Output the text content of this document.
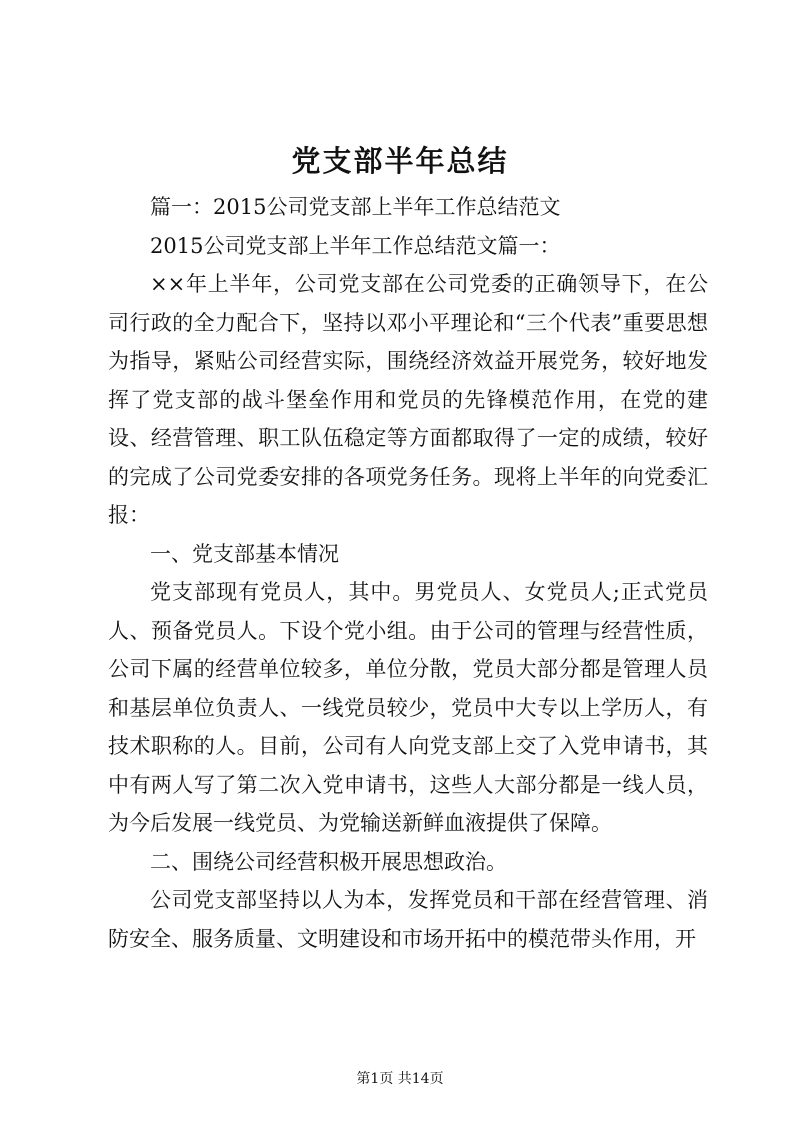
党支部半年总结

篇一：2015公司党支部上半年工作总结范文

2015公司党支部上半年工作总结范文篇一：

××年上半年，公司党支部在公司党委的正确领导下，在公司行政的全力配合下，坚持以邓小平理论和“三个代表”重要思想为指导，紧贴公司经营实际，围绕经济效益开展党务，较好地发挥了党支部的战斗堡垒作用和党员的先锋模范作用，在党的建设、经营管理、职工队伍稳定等方面都取得了一定的成绩，较好的完成了公司党委安排的各项党务任务。现将上半年的向党委汇报：

一、党支部基本情况

党支部现有党员人，其中。男党员人、女党员人;正式党员人、预备党员人。下设个党小组。由于公司的管理与经营性质，公司下属的经营单位较多，单位分散，党员大部分都是管理人员和基层单位负责人、一线党员较少，党员中大专以上学历人，有技术职称的人。目前，公司有人向党支部上交了入党申请书，其中有两人写了第二次入党申请书，这些人大部分都是一线人员，为今后发展一线党员、为党输送新鲜血液提供了保障。

二、围绕公司经营积极开展思想政治。

公司党支部坚持以人为本，发挥党员和干部在经营管理、消防安全、服务质量、文明建设和市场开拓中的模范带头作用，开

第1页 共14页
